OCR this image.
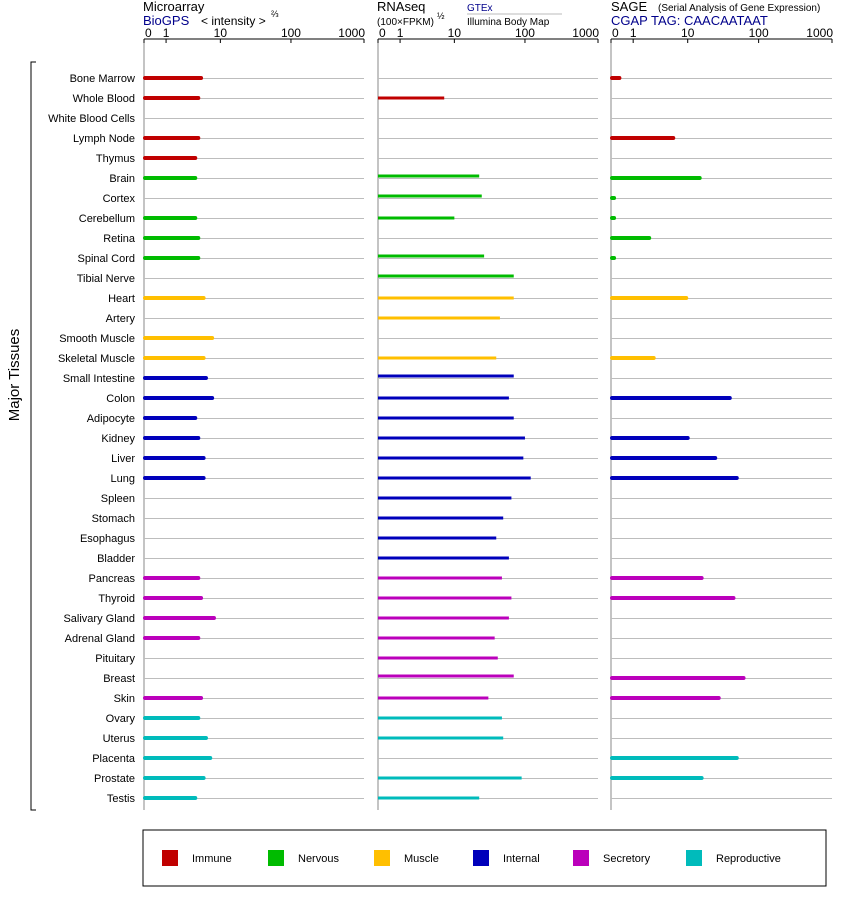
Microarray
BioGPS < intensity > ⅔	RNAseq
(100×FPKM)
½
GTEx
Illumina Body Map
SAGE (Serial Analysis of Gene Expression)
CGAP TAG: CAACAATAAT
Major Tissues
0 1	10	100	1000 0 1	10	100	1000 0 1	10	100	1000
Bone Marrow
Whole Blood
White Blood Cells
Lymph Node
Thymus
Brain
Cortex
Cerebellum
Retina
Spinal Cord
Tibial Nerve
Heart
Artery
Smooth Muscle
Skeletal Muscle
Small Intestine
Colon
Adipocyte
Kidney
Liver
Lung
Spleen
Stomach
Esophagus
Bladder
Pancreas
Thyroid
Salivary Gland
Adrenal Gland
Pituitary
Breast
Skin
Ovary
Uterus
Placenta
Prostate
Testis
Immune	Nervous	Muscle	Internal	Secretory	Reproductive
